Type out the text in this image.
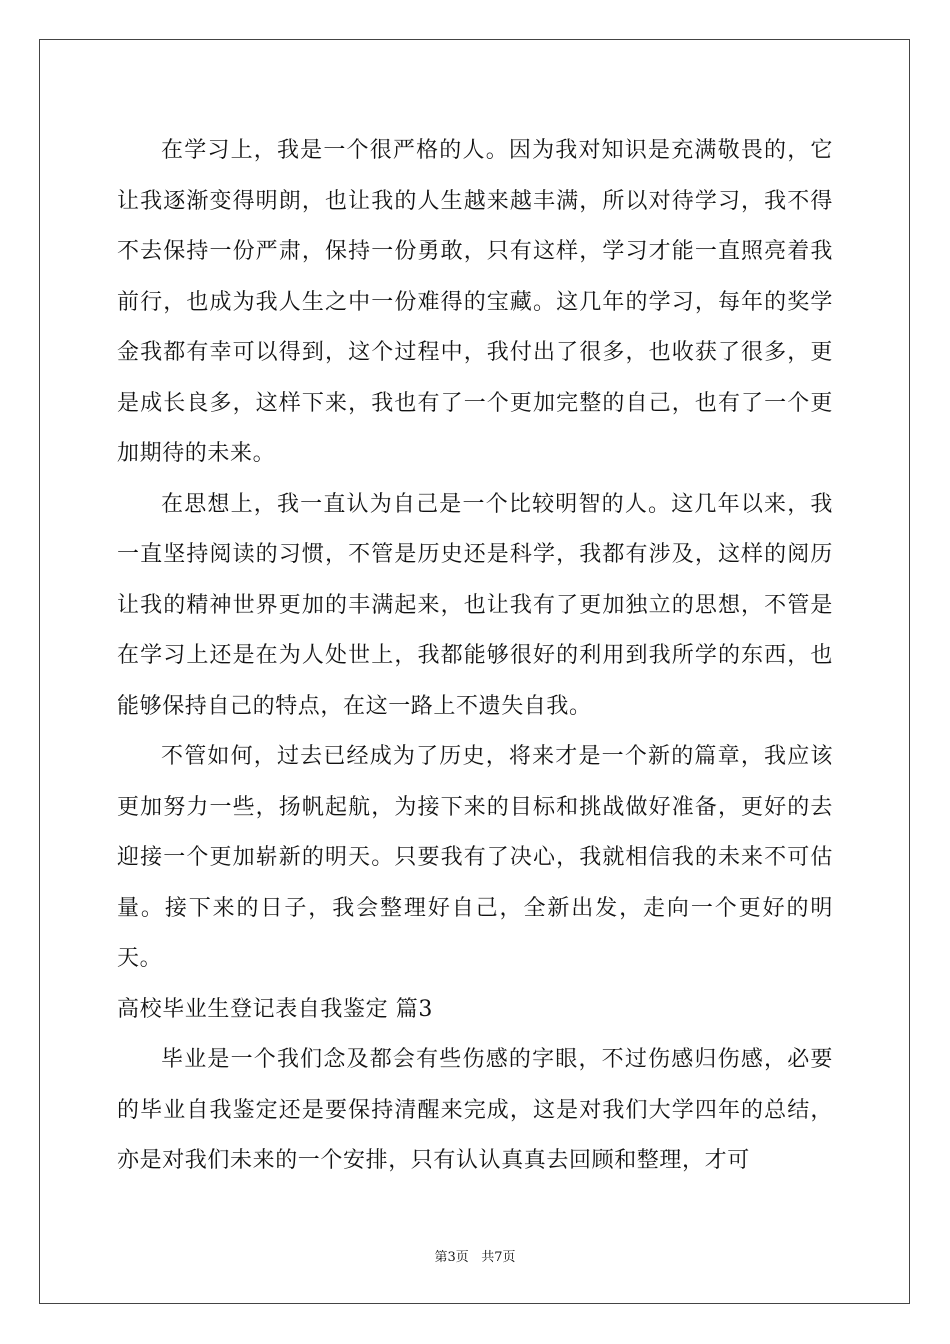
在学习上，我是一个很严格的人。因为我对知识是充满敬畏的，它让我逐渐变得明朗，也让我的人生越来越丰满，所以对待学习，我不得不去保持一份严肃，保持一份勇敢，只有这样，学习才能一直照亮着我前行，也成为我人生之中一份难得的宝藏。这几年的学习，每年的奖学金我都有幸可以得到，这个过程中，我付出了很多，也收获了很多，更是成长良多，这样下来，我也有了一个更加完整的自己，也有了一个更加期待的未来。

在思想上，我一直认为自己是一个比较明智的人。这几年以来，我一直坚持阅读的习惯，不管是历史还是科学，我都有涉及，这样的阅历让我的精神世界更加的丰满起来，也让我有了更加独立的思想，不管是在学习上还是在为人处世上，我都能够很好的利用到我所学的东西，也能够保持自己的特点，在这一路上不遗失自我。

不管如何，过去已经成为了历史，将来才是一个新的篇章，我应该更加努力一些，扬帆起航，为接下来的目标和挑战做好准备，更好的去迎接一个更加崭新的明天。只要我有了决心，我就相信我的未来不可估量。接下来的日子，我会整理好自己，全新出发，走向一个更好的明天。

高校毕业生登记表自我鉴定 篇3

毕业是一个我们念及都会有些伤感的字眼，不过伤感归伤感，必要的毕业自我鉴定还是要保持清醒来完成，这是对我们大学四年的总结，亦是对我们未来的一个安排，只有认认真真去回顾和整理，才可

第3页 共7页
